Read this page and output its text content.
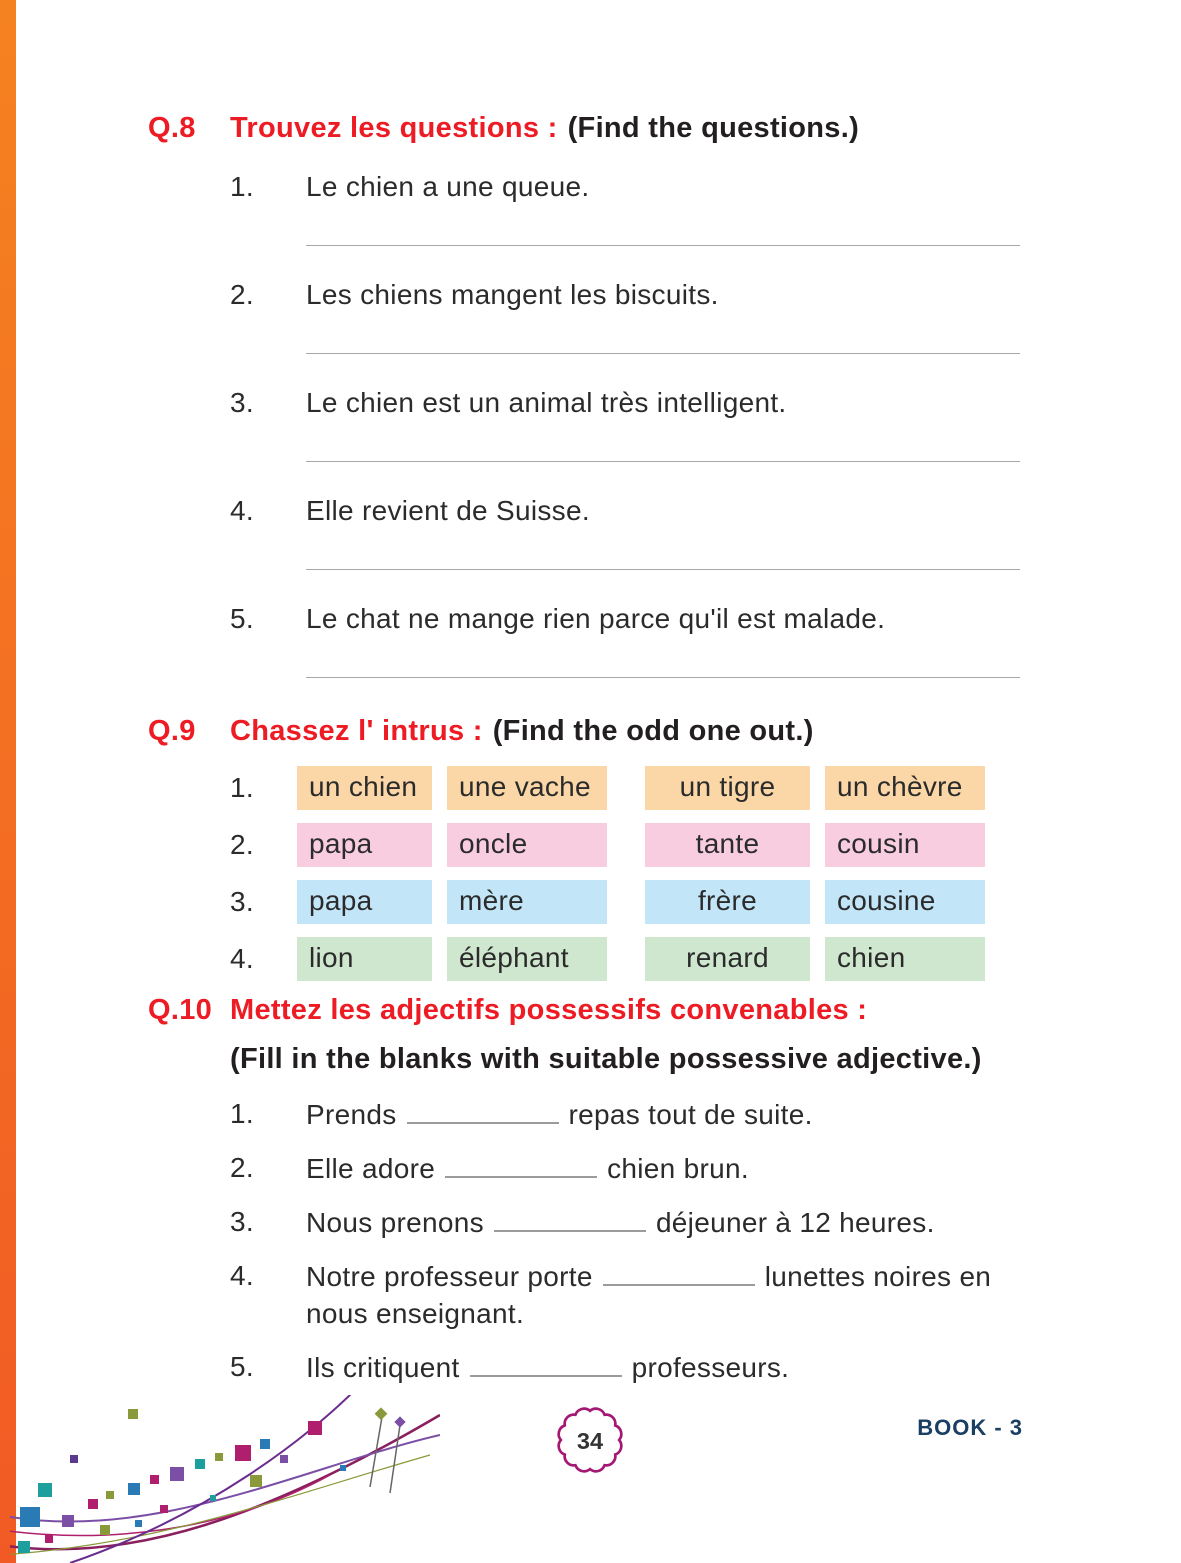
Q.8	Trouvez les questions : (Find the questions.)
1.	Le chien a une queue.
2.	Les chiens mangent les biscuits.
3.	Le chien est un animal très intelligent.
4.	Elle revient de Suisse.
5.	Le chat ne mange rien parce qu'il est malade.
Q.9	Chassez l' intrus : (Find the odd one out.)
1.	un chien	une vache	un tigre	un chèvre
2.	papa	oncle	tante	cousin
3.	papa	mère	frère	cousine
4.	lion	éléphant	renard	chien
Q.10 Mettez les adjectifs possessifs convenables :
(Fill in the blanks with suitable possessive adjective.)
1.	Prends	repas tout de suite.
2.	Elle adore	chien brun.
3.	Nous prenons	déjeuner à 12 heures.
4.	Notre professeur porte	lunettes noires en nous enseignant.
5.	Ils critiquent	professeurs.
34
BOOK - 3
